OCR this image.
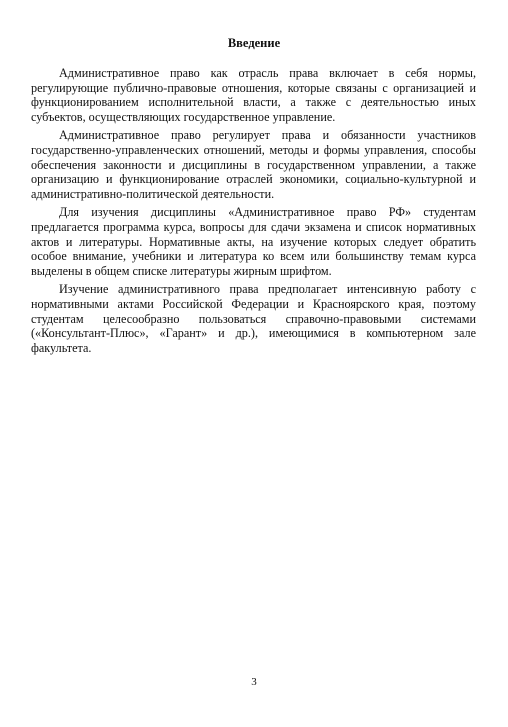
Введение

Административное право как отрасль права включает в себя нормы, регулирующие публично-правовые отношения, которые связаны с организацией и функционированием исполнительной власти, а также с деятельностью иных субъектов, осуществляющих государственное управление.

Административное право регулирует права и обязанности участников государственно-управленческих отношений, методы и формы управления, способы обеспечения законности и дисциплины в государственном управлении, а также организацию и функционирование отраслей экономики, социально-культурной и административно-политической деятельности.

Для изучения дисциплины «Административное право РФ» студентам предлагается программа курса, вопросы для сдачи экзамена и список нормативных актов и литературы. Нормативные акты, на изучение которых следует обратить особое внимание, учебники и литература ко всем или большинству темам курса выделены в общем списке литературы жирным шрифтом.

Изучение административного права предполагает интенсивную работу с нормативными актами Российской Федерации и Красноярского края, поэтому студентам целесообразно пользоваться справочно-правовыми системами («Консультант-Плюс», «Гарант» и др.), имеющимися в компьютерном зале факультета.

3
